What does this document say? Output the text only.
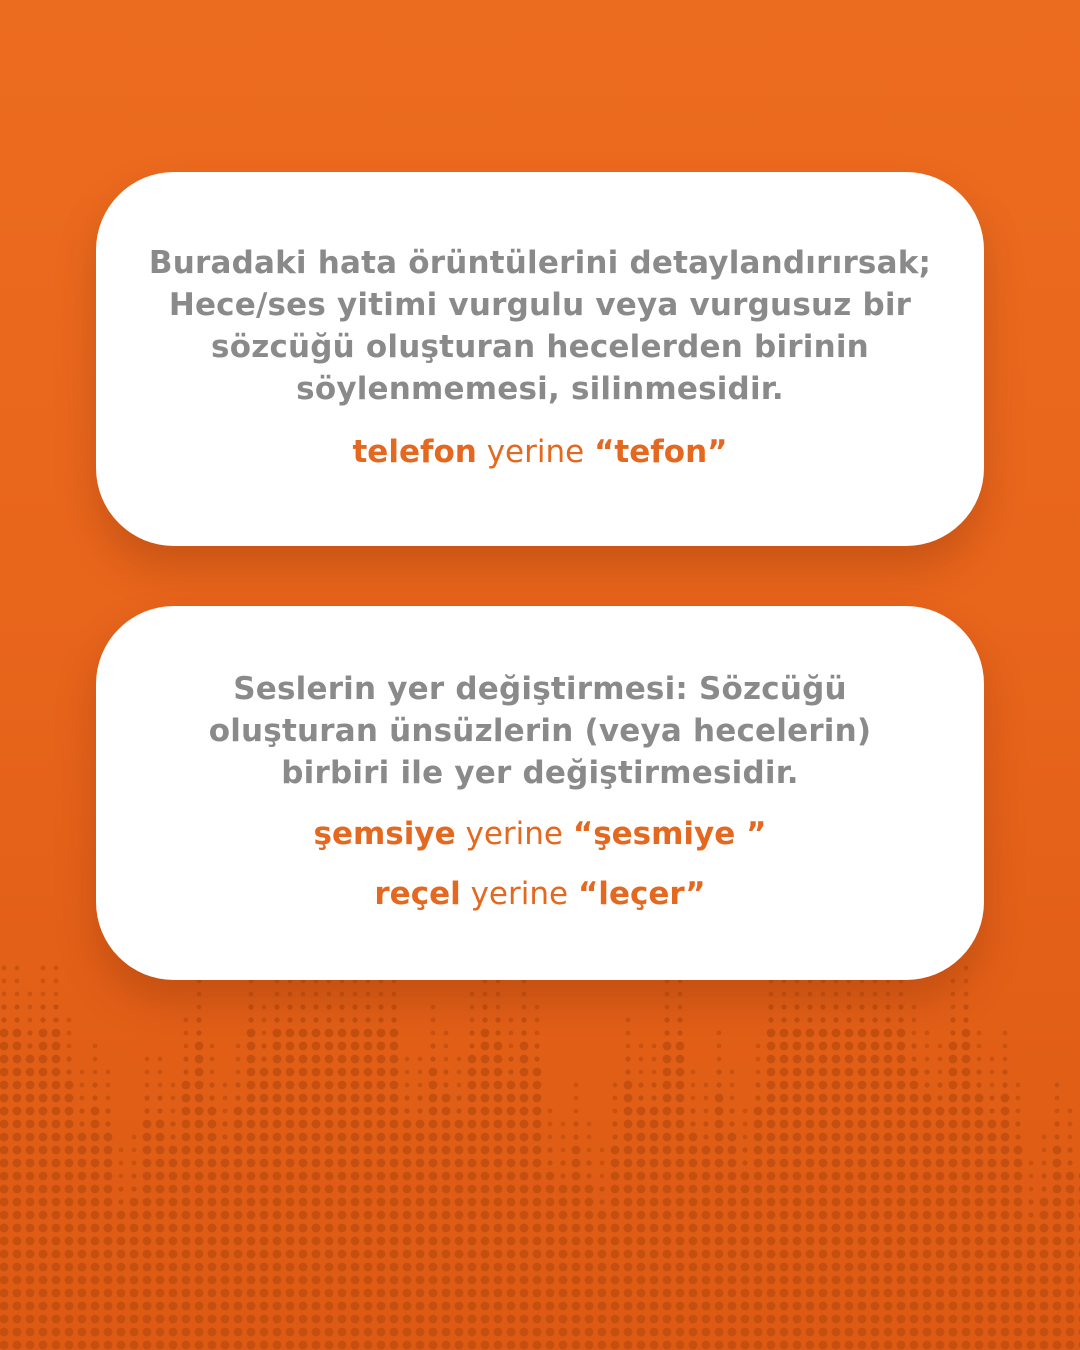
Buradaki hata örüntülerini detaylandırırsak;
Hece/ses yitimi vurgulu veya vurgusuz bir
sözcüğü oluşturan hecelerden birinin
söylenmemesi, silinmesidir.

telefon yerine “tefon”

Seslerin yer değiştirmesi: Sözcüğü
oluşturan ünsüzlerin (veya hecelerin)
birbiri ile yer değiştirmesidir.

şemsiye yerine “şesmiye ”

reçel yerine “leçer”
